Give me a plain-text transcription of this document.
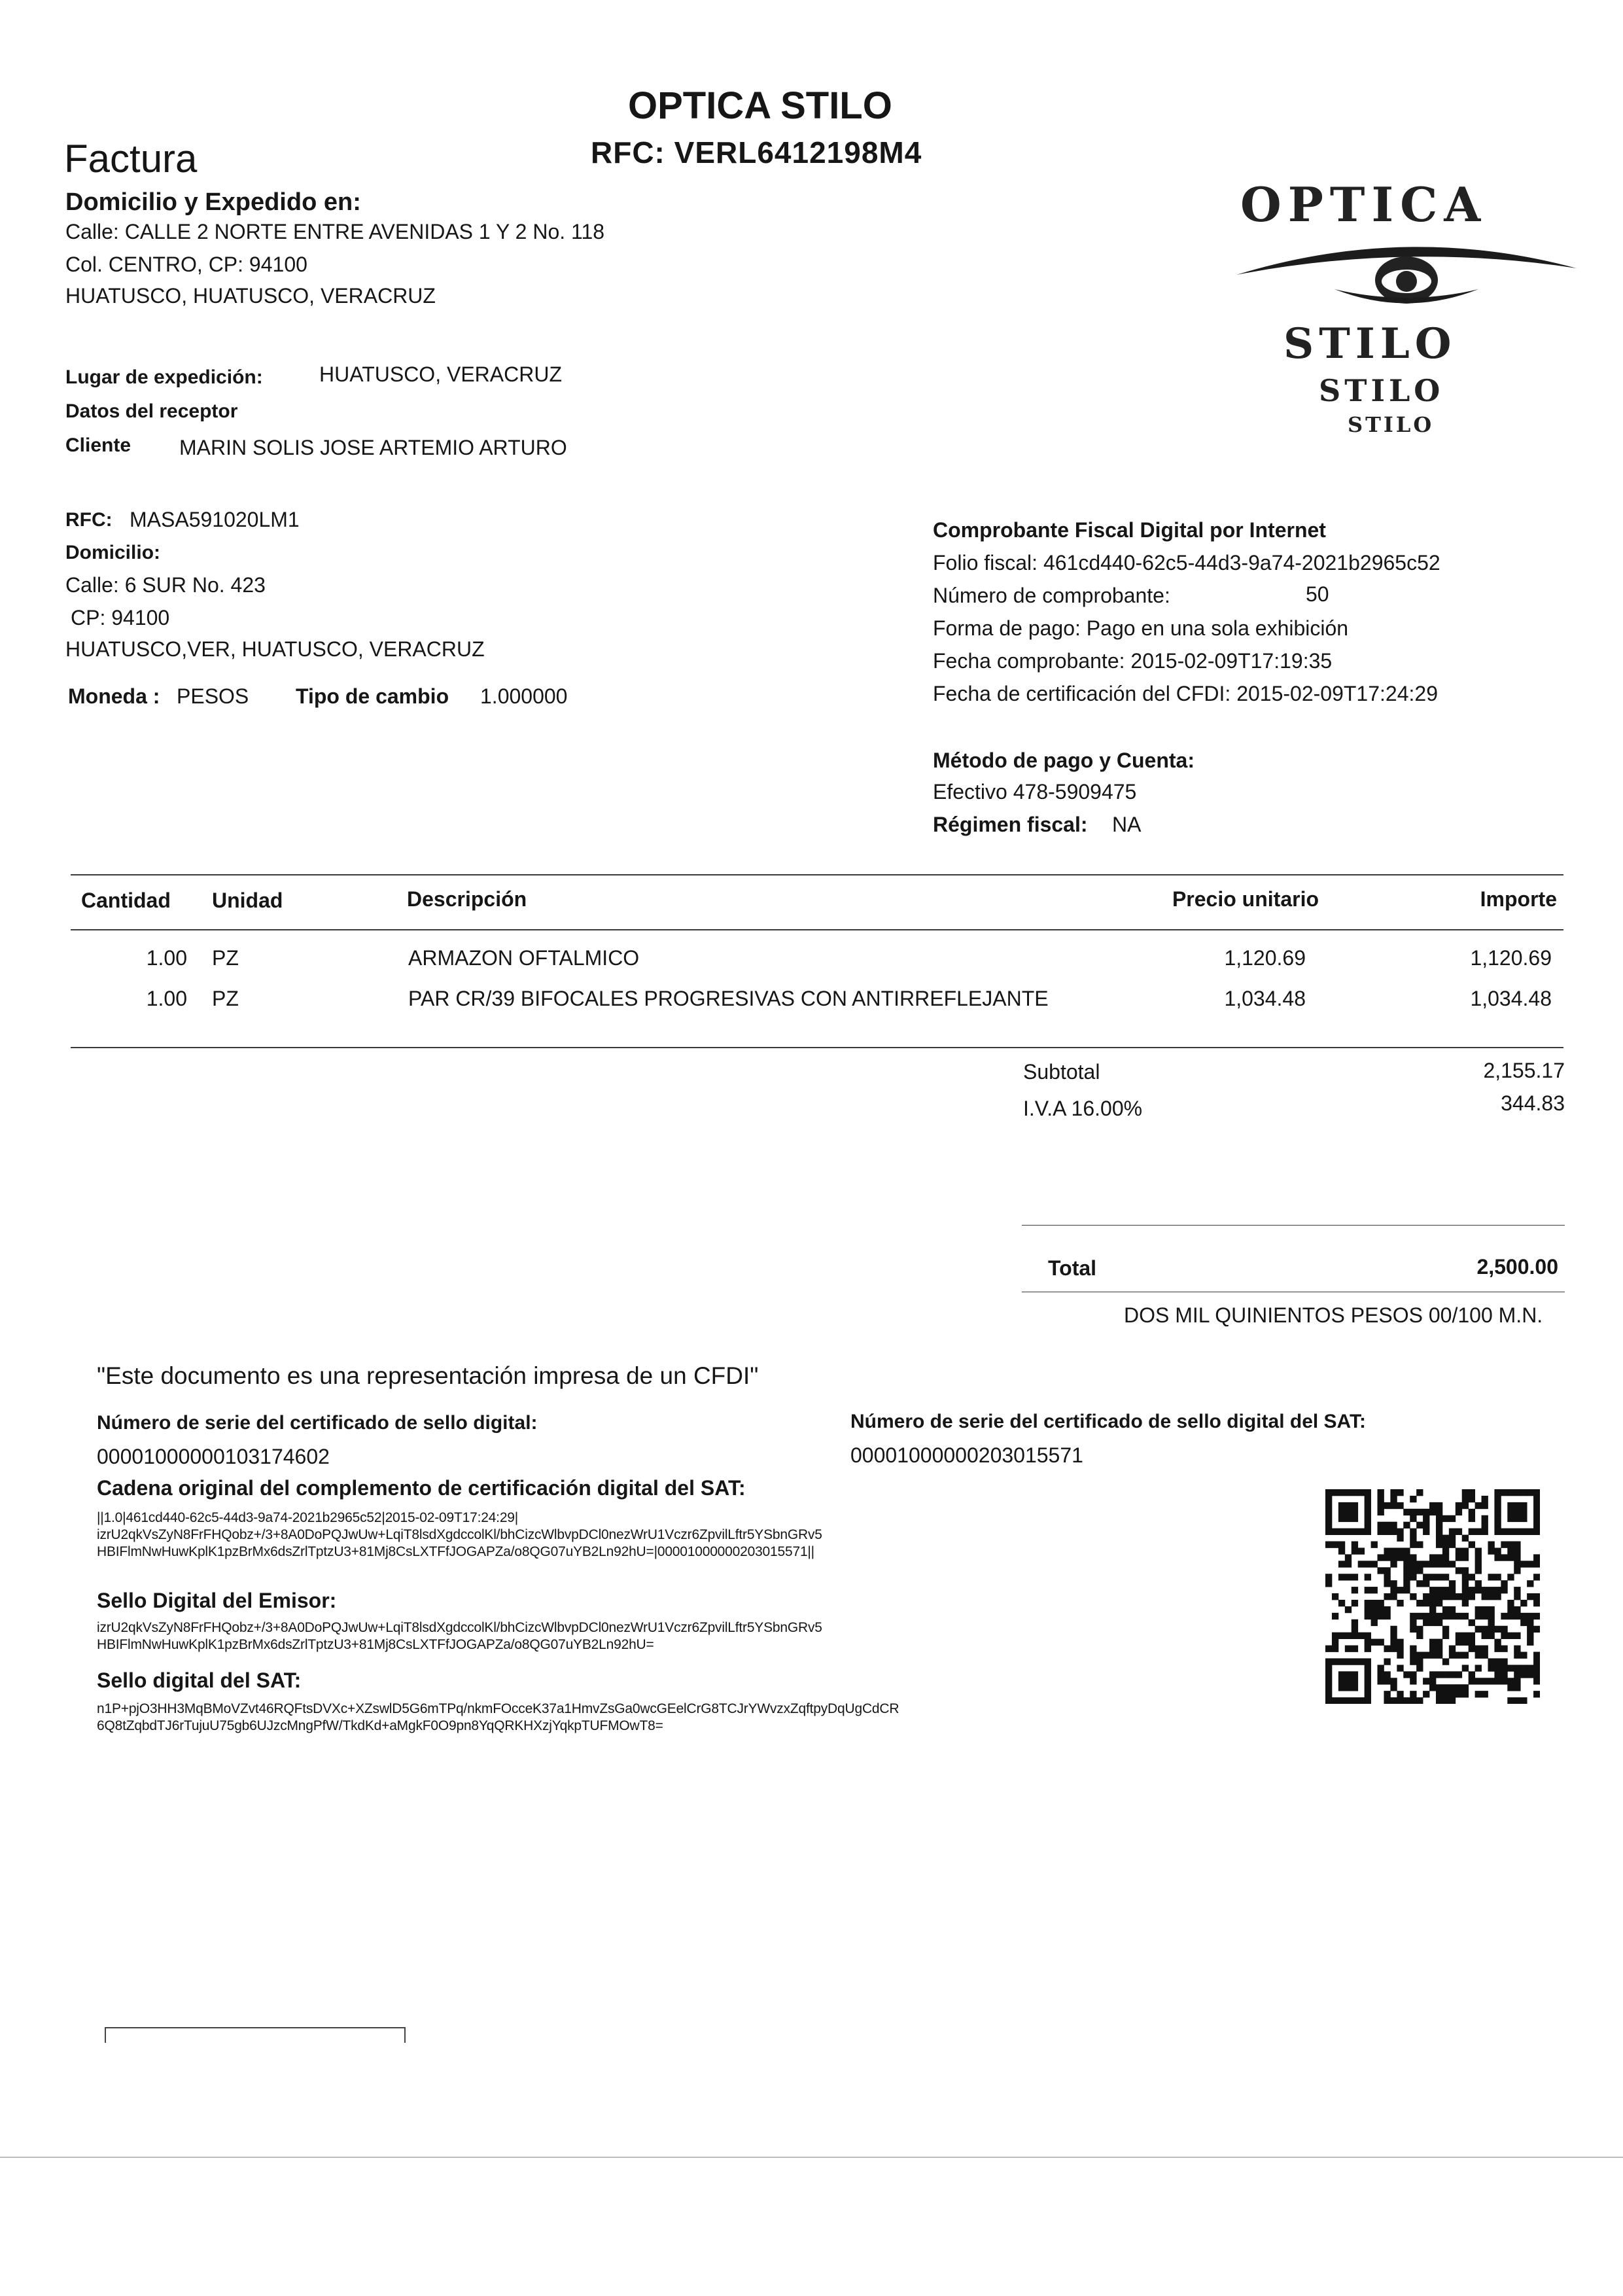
OPTICA STILO
RFC: VERL6412198M4
Factura
Domicilio y Expedido en:
Calle: CALLE 2 NORTE ENTRE AVENIDAS 1 Y 2 No. 118
Col. CENTRO, CP: 94100
HUATUSCO, HUATUSCO, VERACRUZ
OPTICA
STILO
STILO
STILO
Lugar de expedición:	HUATUSCO, VERACRUZ
Datos del receptor
Cliente MARIN SOLIS JOSE ARTEMIO ARTURO
RFC: MASA591020LM1
Domicilio:
Calle: 6 SUR No. 423
CP: 94100
HUATUSCO,VER, HUATUSCO, VERACRUZ
Moneda : PESOS Tipo de cambio 1.000000
Comprobante Fiscal Digital por Internet
Folio fiscal: 461cd440-62c5-44d3-9a74-2021b2965c52
Número de comprobante:	50
Forma de pago: Pago en una sola exhibición
Fecha comprobante: 2015-02-09T17:19:35
Fecha de certificación del CFDI: 2015-02-09T17:24:29
Método de pago y Cuenta:
Efectivo 478-5909475
Régimen fiscal: NA
Cantidad Unidad	Descripción	Precio unitario	Importe
1.00 PZ	ARMAZON OFTALMICO	1,120.69	1,120.69
1.00 PZ	PAR CR/39 BIFOCALES PROGRESIVAS CON ANTIRREFLEJANTE	1,034.48	1,034.48
Subtotal	2,155.17
I.V.A 16.00%	344.83
Total	2,500.00
DOS MIL QUINIENTOS PESOS 00/100 M.N.
"Este documento es una representación impresa de un CFDI"
Número de serie del certificado de sello digital:
00001000000103174602
Número de serie del certificado de sello digital del SAT:
00001000000203015571
Cadena original del complemento de certificación digital del SAT:
||1.0|461cd440-62c5-44d3-9a74-2021b2965c52|2015-02-09T17:24:29|
izrU2qkVsZyN8FrFHQobz+/3+8A0DoPQJwUw+LqiT8lsdXgdccolKl/bhCizcWlbvpDCl0nezWrU1Vczr6ZpvilLftr5YSbnGRv5
HBIFlmNwHuwKplK1pzBrMx6dsZrlTptzU3+81Mj8CsLXTFfJOGAPZa/o8QG07uYB2Ln92hU=|00001000000203015571||
Sello Digital del Emisor:
izrU2qkVsZyN8FrFHQobz+/3+8A0DoPQJwUw+LqiT8lsdXgdccolKl/bhCizcWlbvpDCl0nezWrU1Vczr6ZpvilLftr5YSbnGRv5
HBIFlmNwHuwKplK1pzBrMx6dsZrlTptzU3+81Mj8CsLXTFfJOGAPZa/o8QG07uYB2Ln92hU=
Sello digital del SAT:
n1P+pjO3HH3MqBMoVZvt46RQFtsDVXc+XZswlD5G6mTPq/nkmFOcceK37a1HmvZsGa0wcGEelCrG8TCJrYWvzxZqftpyDqUgCdCR
6Q8tZqbdTJ6rTujuU75gb6UJzcMngPfW/TkdKd+aMgkF0O9pn8YqQRKHXzjYqkpTUFMOwT8=
